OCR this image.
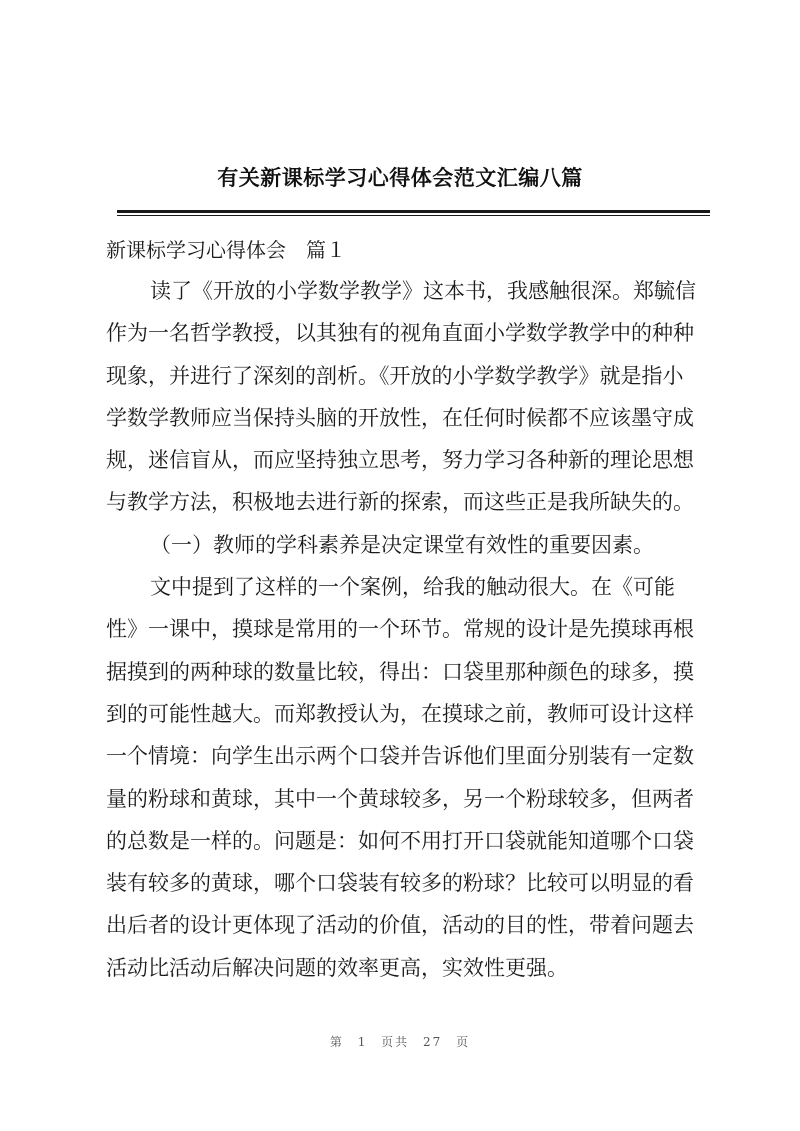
有关新课标学习心得体会范文汇编八篇
新课标学习心得体会　篇１
读了《开放的小学数学教学》这本书，我感触很深。郑毓信
作为一名哲学教授，以其独有的视角直面小学数学教学中的种种
现象，并进行了深刻的剖析。《开放的小学数学教学》就是指小
学数学教师应当保持头脑的开放性，在任何时候都不应该墨守成
规，迷信盲从，而应坚持独立思考，努力学习各种新的理论思想
与教学方法，积极地去进行新的探索，而这些正是我所缺失的。
（一）教师的学科素养是决定课堂有效性的重要因素。
文中提到了这样的一个案例，给我的触动很大。在《可能
性》一课中，摸球是常用的一个环节。常规的设计是先摸球再根
据摸到的两种球的数量比较，得出：口袋里那种颜色的球多，摸
到的可能性越大。而郑教授认为，在摸球之前，教师可设计这样
一个情境：向学生出示两个口袋并告诉他们里面分别装有一定数
量的粉球和黄球，其中一个黄球较多，另一个粉球较多，但两者
的总数是一样的。问题是：如何不用打开口袋就能知道哪个口袋
装有较多的黄球，哪个口袋装有较多的粉球？比较可以明显的看
出后者的设计更体现了活动的价值，活动的目的性，带着问题去
活动比活动后解决问题的效率更高，实效性更强。
第 1 页共 27 页
